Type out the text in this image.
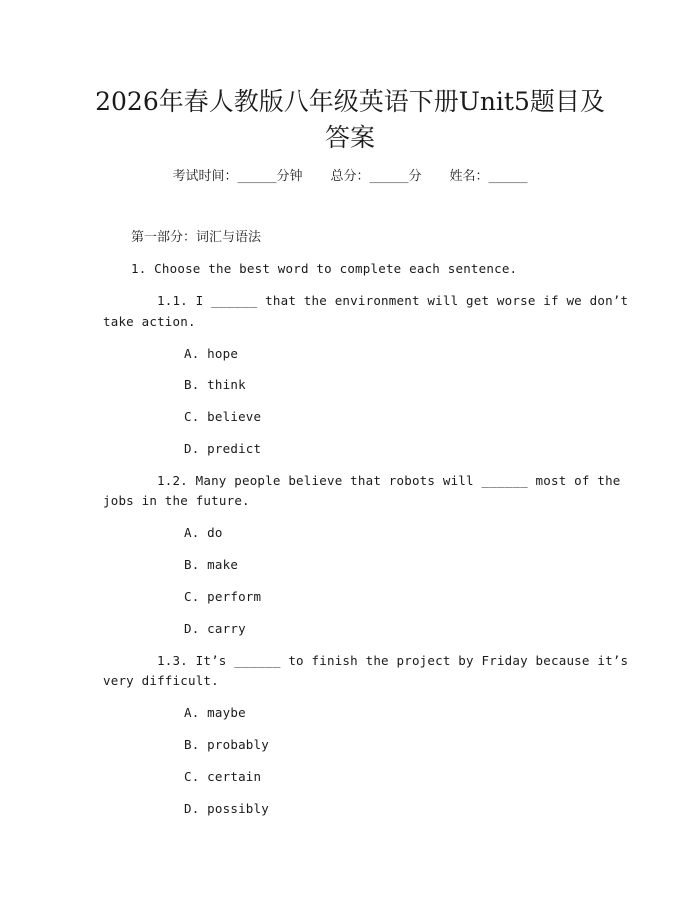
2026年春人教版八年级英语下册Unit5题目及答案
考试时间：______分钟 总分：______分 姓名：______
第一部分：词汇与语法
1. Choose the best word to complete each sentence.
1.1. I ______ that the environment will get worse if we don’t
take action.
A. hope
B. think
C. believe
D. predict
1.2. Many people believe that robots will ______ most of the
jobs in the future.
A. do
B. make
C. perform
D. carry
1.3. It’s ______ to finish the project by Friday because it’s
very difficult.
A. maybe
B. probably
C. certain
D. possibly
